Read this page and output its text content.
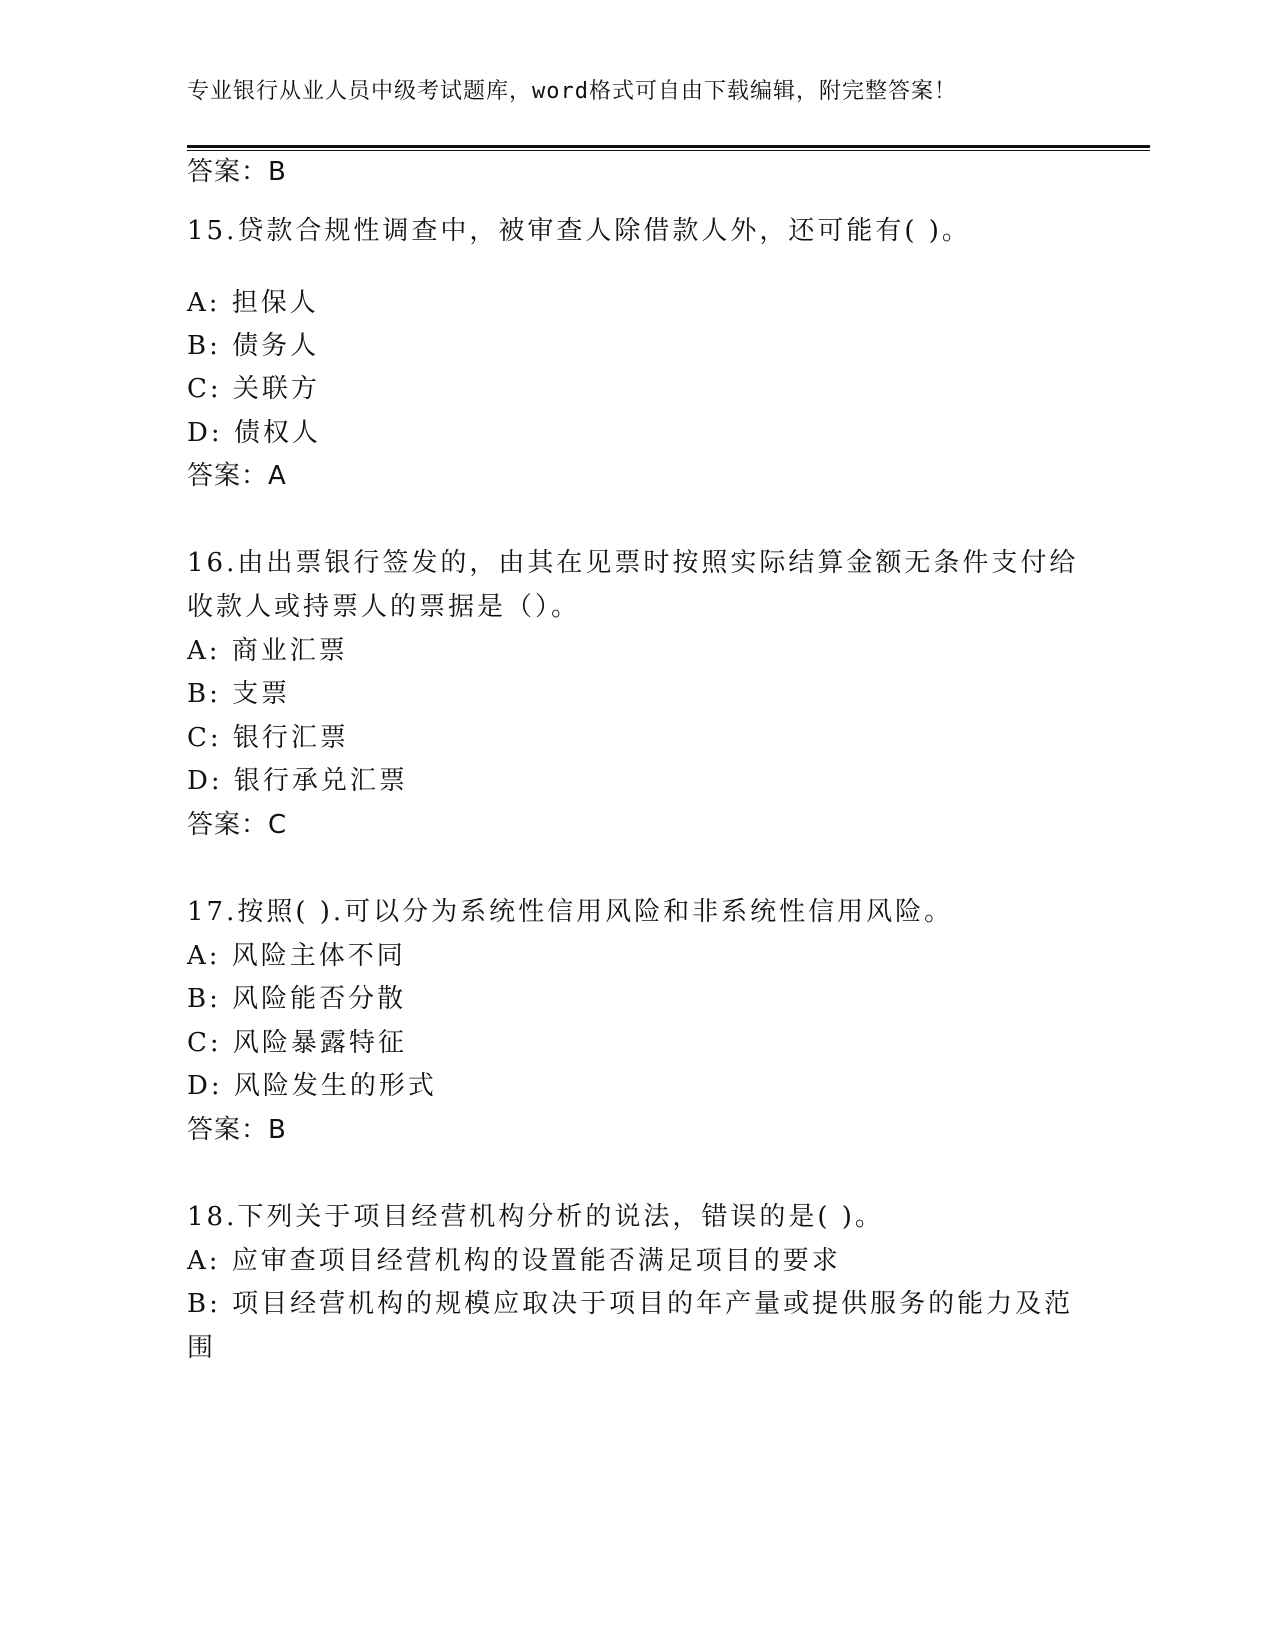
专业银行从业人员中级考试题库，word格式可自由下载编辑，附完整答案！
答案：B
15.贷款合规性调查中，被审查人除借款人外，还可能有( )。
A: 担保人
B: 债务人
C: 关联方
D: 债权人
答案：A
16.由出票银行签发的，由其在见票时按照实际结算金额无条件支付给
收款人或持票人的票据是（）。
A: 商业汇票
B: 支票
C: 银行汇票
D: 银行承兑汇票
答案：C
17.按照( ).可以分为系统性信用风险和非系统性信用风险。
A: 风险主体不同
B: 风险能否分散
C: 风险暴露特征
D: 风险发生的形式
答案：B
18.下列关于项目经营机构分析的说法，错误的是( )。
A: 应审查项目经营机构的设置能否满足项目的要求
B: 项目经营机构的规模应取决于项目的年产量或提供服务的能力及范
围
